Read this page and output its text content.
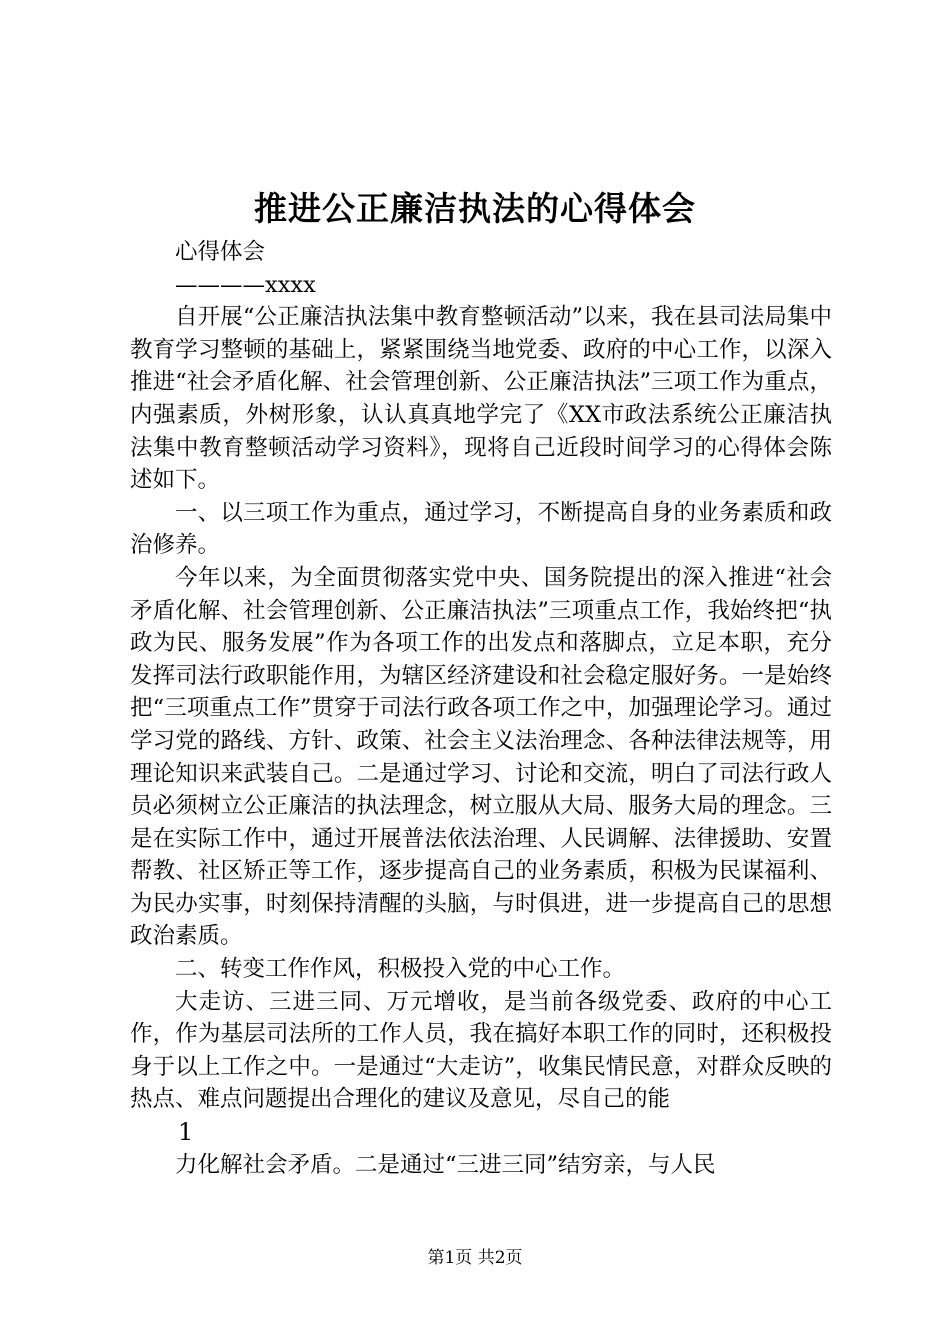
推进公正廉洁执法的心得体会

心得体会

————xxxx

自开展“公正廉洁执法集中教育整顿活动”以来，我在县司法局集中教育学习整顿的基础上，紧紧围绕当地党委、政府的中心工作，以深入推进“社会矛盾化解、社会管理创新、公正廉洁执法”三项工作为重点，内强素质，外树形象，认认真真地学完了《XX市政法系统公正廉洁执法集中教育整顿活动学习资料》，现将自己近段时间学习的心得体会陈述如下。

一、以三项工作为重点，通过学习，不断提高自身的业务素质和政治修养。

今年以来，为全面贯彻落实党中央、国务院提出的深入推进“社会矛盾化解、社会管理创新、公正廉洁执法”三项重点工作，我始终把“执政为民、服务发展”作为各项工作的出发点和落脚点，立足本职，充分发挥司法行政职能作用，为辖区经济建设和社会稳定服好务。一是始终把“三项重点工作”贯穿于司法行政各项工作之中，加强理论学习。通过学习党的路线、方针、政策、社会主义法治理念、各种法律法规等，用理论知识来武装自己。二是通过学习、讨论和交流，明白了司法行政人员必须树立公正廉洁的执法理念，树立服从大局、服务大局的理念。三是在实际工作中，通过开展普法依法治理、人民调解、法律援助、安置帮教、社区矫正等工作，逐步提高自己的业务素质，积极为民谋福利、为民办实事，时刻保持清醒的头脑，与时俱进，进一步提高自己的思想政治素质。

二、转变工作作风，积极投入党的中心工作。

大走访、三进三同、万元增收，是当前各级党委、政府的中心工作，作为基层司法所的工作人员，我在搞好本职工作的同时，还积极投身于以上工作之中。一是通过“大走访”，收集民情民意，对群众反映的热点、难点问题提出合理化的建议及意见，尽自己的能

1

力化解社会矛盾。二是通过“三进三同”结穷亲，与人民

第1页 共2页
